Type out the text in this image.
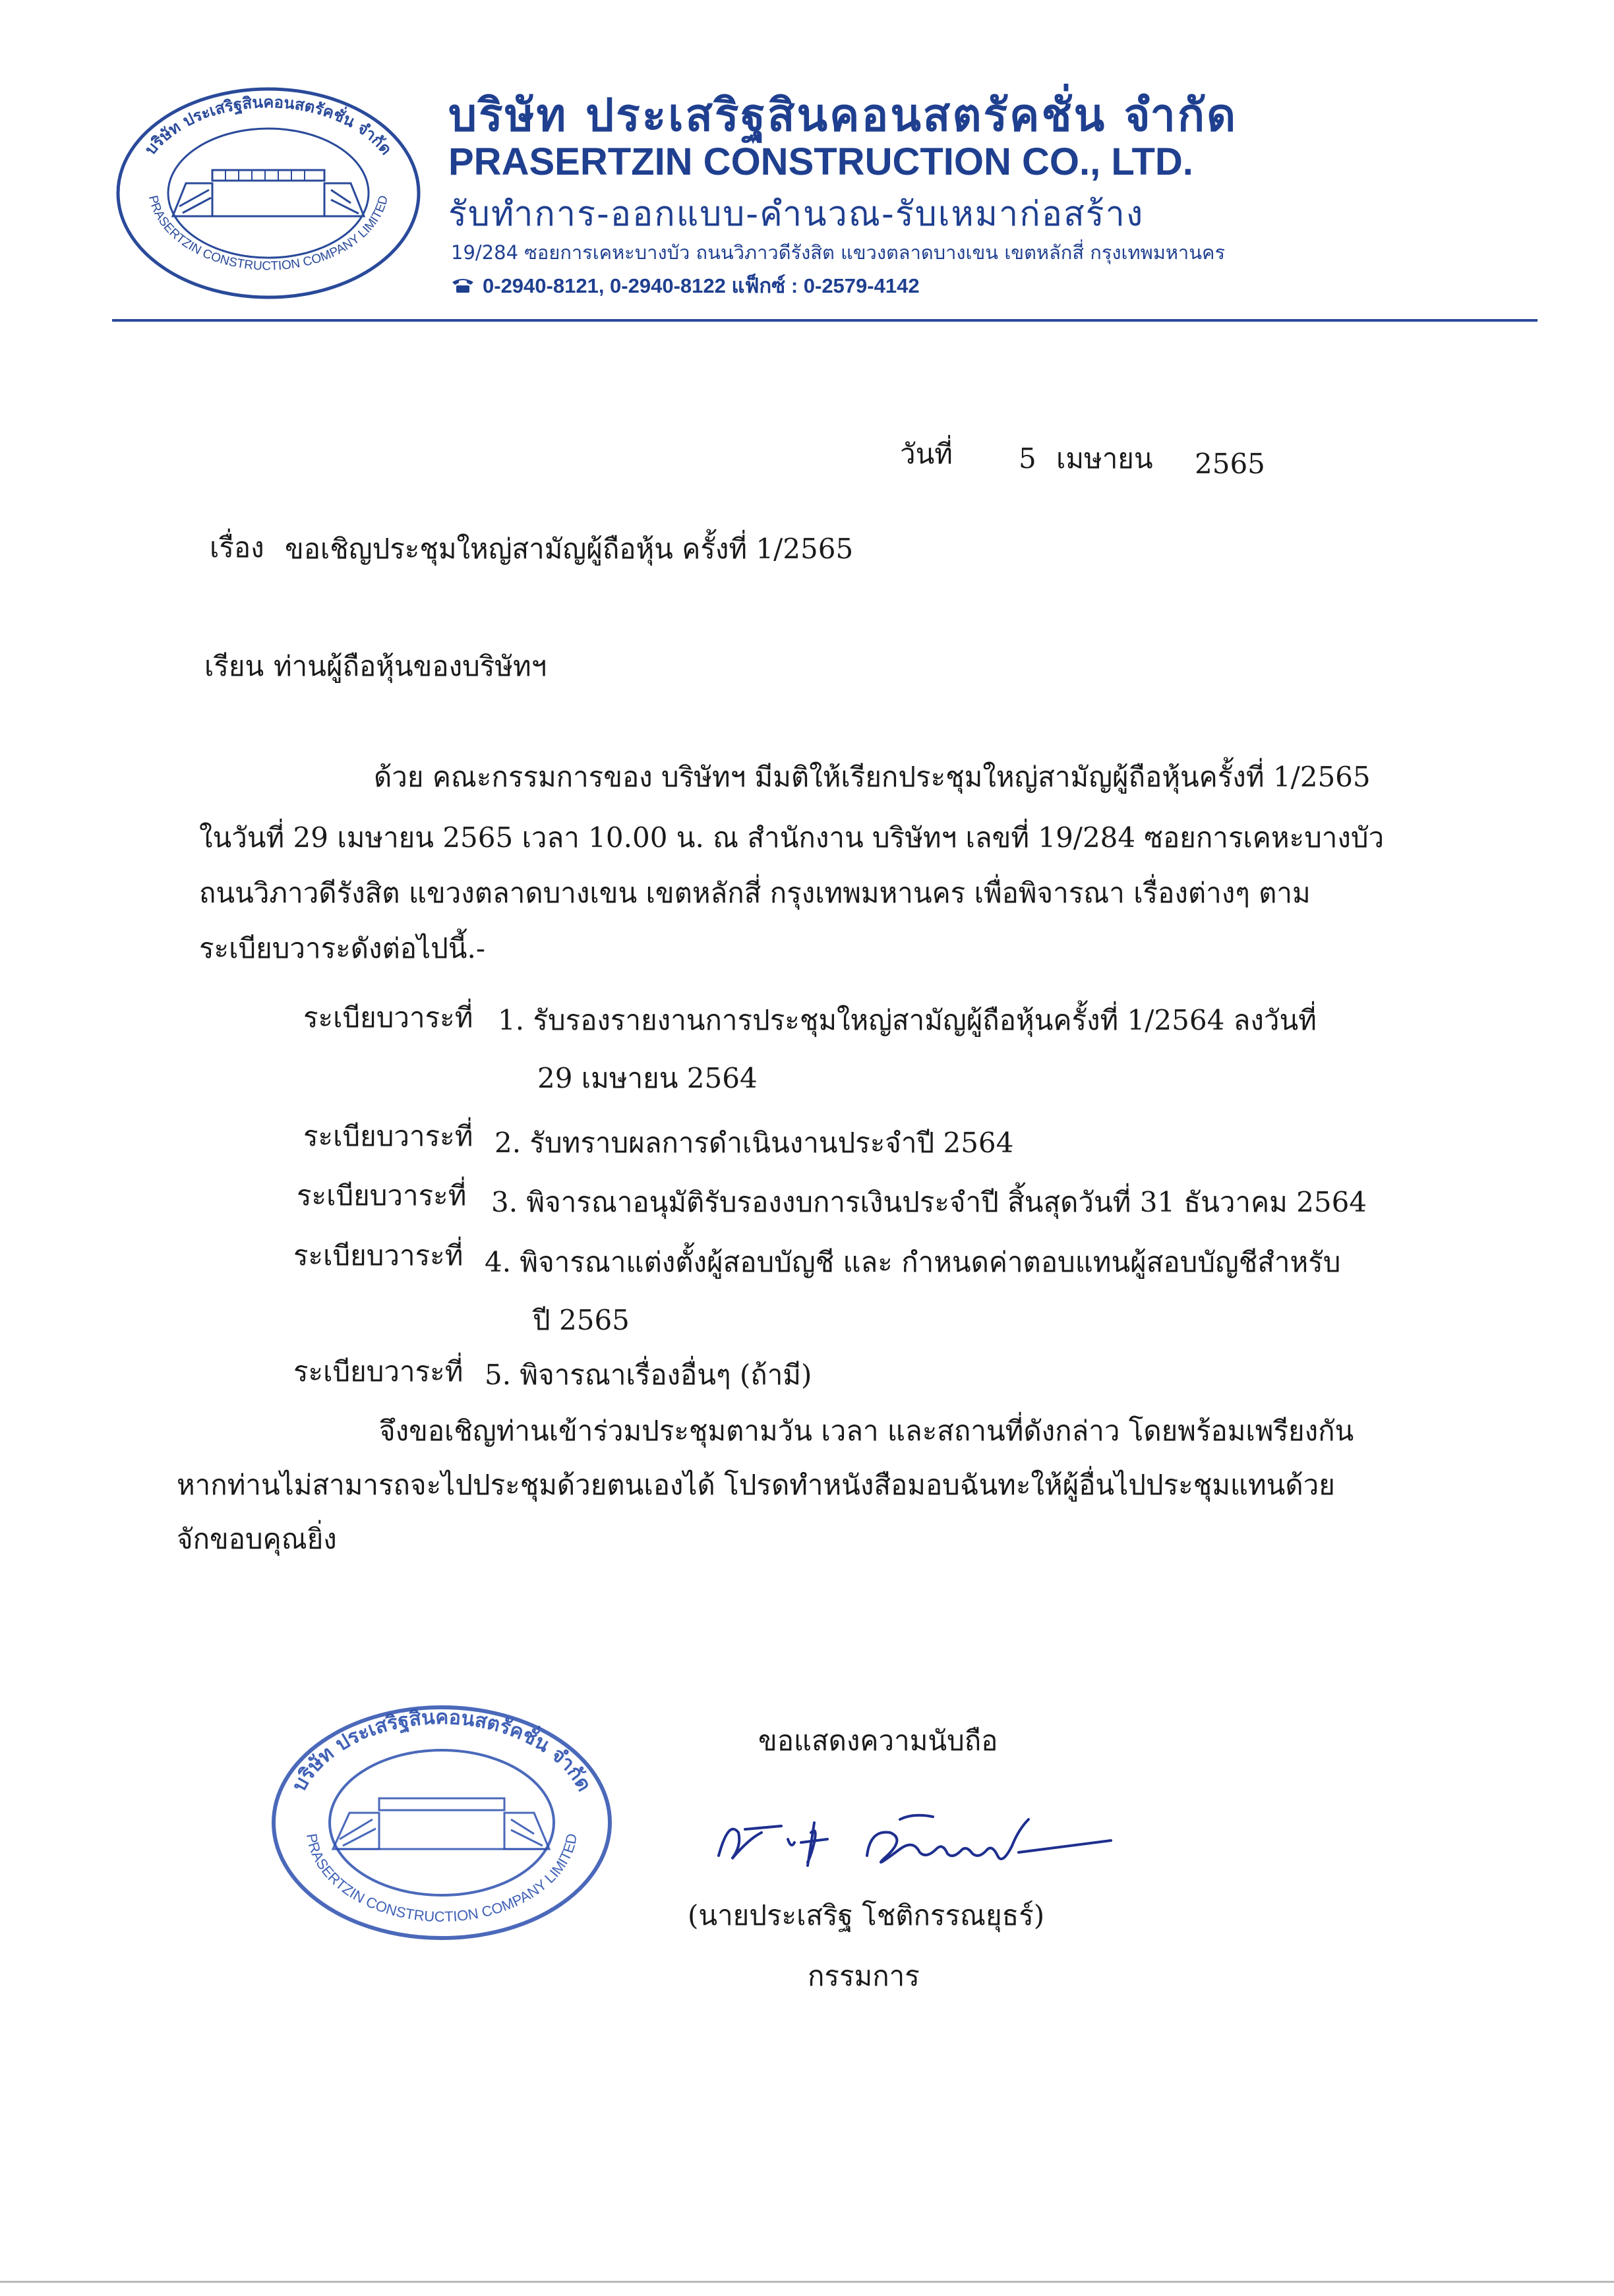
บริษัท ประเสริฐสินคอนสตรัคชั่น จำกัด
PRASERTZIN CONSTRUCTION COMPANY LIMITED
บริษัท ประเสริฐสินคอนสตรัคชั่น จำกัด
PRASERTZIN CONSTRUCTION CO., LTD.
รับทำการ-ออกแบบ-คำนวณ-รับเหมาก่อสร้าง
19/284 ซอยการเคหะบางบัว ถนนวิภาวดีรังสิต แขวงตลาดบางเขน เขตหลักสี่ กรุงเทพมหานคร
0-2940-8121, 0-2940-8122 แฟ็กซ์ : 0-2579-4142
วันที่ 5 เมษายน 2565
เรื่อง ขอเชิญประชุมใหญ่สามัญผู้ถือหุ้น ครั้งที่ 1/2565
เรียน ท่านผู้ถือหุ้นของบริษัทฯ
ด้วย คณะกรรมการของ บริษัทฯ มีมติให้เรียกประชุมใหญ่สามัญผู้ถือหุ้นครั้งที่ 1/2565
ในวันที่ 29 เมษายน 2565 เวลา 10.00 น. ณ สำนักงาน บริษัทฯ เลขที่ 19/284 ซอยการเคหะบางบัว
ถนนวิภาวดีรังสิต แขวงตลาดบางเขน เขตหลักสี่ กรุงเทพมหานคร เพื่อพิจารณา เรื่องต่างๆ ตาม
ระเบียบวาระดังต่อไปนี้.-
ระเบียบวาระที่ 1. รับรองรายงานการประชุมใหญ่สามัญผู้ถือหุ้นครั้งที่ 1/2564 ลงวันที่
29 เมษายน 2564
ระเบียบวาระที่ 2. รับทราบผลการดำเนินงานประจำปี 2564
ระเบียบวาระที่ 3. พิจารณาอนุมัติรับรองงบการเงินประจำปี สิ้นสุดวันที่ 31 ธันวาคม 2564
ระเบียบวาระที่ 4. พิจารณาแต่งตั้งผู้สอบบัญชี และ กำหนดค่าตอบแทนผู้สอบบัญชีสำหรับ
ปี 2565
ระเบียบวาระที่ 5. พิจารณาเรื่องอื่นๆ (ถ้ามี)
จึงขอเชิญท่านเข้าร่วมประชุมตามวัน เวลา และสถานที่ดังกล่าว โดยพร้อมเพรียงกัน
หากท่านไม่สามารถจะไปประชุมด้วยตนเองได้ โปรดทำหนังสือมอบฉันทะให้ผู้อื่นไปประชุมแทนด้วย
จักขอบคุณยิ่ง
บริษัท ประเสริฐสินคอนสตรัคชั่น จำกัด
PRASERTZIN CONSTRUCTION COMPANY LIMITED
ขอแสดงความนับถือ
(นายประเสริฐ โชติกรรณยุธร์)
กรรมการ
